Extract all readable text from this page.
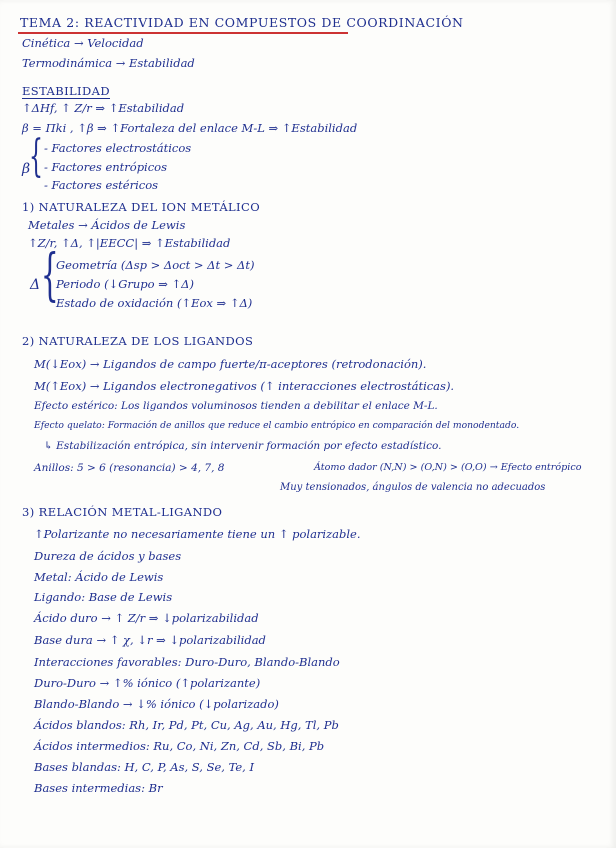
TEMA 2: REACTIVIDAD EN COMPUESTOS DE COORDINACIÓN
Cinética → Velocidad
Termodinámica → Estabilidad
ESTABILIDAD
↑ΔHf, ↑ Z/r ⇒ ↑Estabilidad
β = Πki , ↑β ⇒ ↑Fortaleza del enlace M-L ⇒ ↑Estabilidad
β
{ - Factores electrostáticos
- Factores entrópicos
- Factores estéricos
1) NATURALEZA DEL ION METÁLICO
Metales → Ácidos de Lewis
↑Z/r, ↑Δ, ↑|EECC| ⇒ ↑Estabilidad
Δ {
Geometría (Δsp > Δoct > Δt > Δt)
Periodo (↓Grupo ⇒ ↑Δ)
Estado de oxidación (↑Eox ⇒ ↑Δ)
2) NATURALEZA DE LOS LIGANDOS
M(↓Eox) → Ligandos de campo fuerte/π-aceptores (retrodonación).
M(↑Eox) → Ligandos electronegativos (↑ interacciones electrostáticas).
Efecto estérico: Los ligandos voluminosos tienden a debilitar el enlace M-L.
Efecto quelato: Formación de anillos que reduce el cambio entrópico en comparación del monodentado.
↳ Estabilización entrópica, sin intervenir formación por efecto estadístico.
Anillos: 5 > 6 (resonancia) > 4, 7, 8	Átomo dador (N,N) > (O,N) > (O,O) → Efecto entrópico
Muy tensionados, ángulos de valencia no adecuados
3) RELACIÓN METAL-LIGANDO
↑Polarizante no necesariamente tiene un ↑ polarizable.
Dureza de ácidos y bases
Metal: Ácido de Lewis
Ligando: Base de Lewis
Ácido duro → ↑ Z/r ⇒ ↓polarizabilidad
Base dura → ↑ χ, ↓r ⇒ ↓polarizabilidad
Interacciones favorables: Duro-Duro, Blando-Blando
Duro-Duro → ↑% iónico (↑polarizante)
Blando-Blando → ↓% iónico (↓polarizado)
Ácidos blandos: Rh, Ir, Pd, Pt, Cu, Ag, Au, Hg, Tl, Pb
Ácidos intermedios: Ru, Co, Ni, Zn, Cd, Sb, Bi, Pb
Bases blandas: H, C, P, As, S, Se, Te, I
Bases intermedias: Br
